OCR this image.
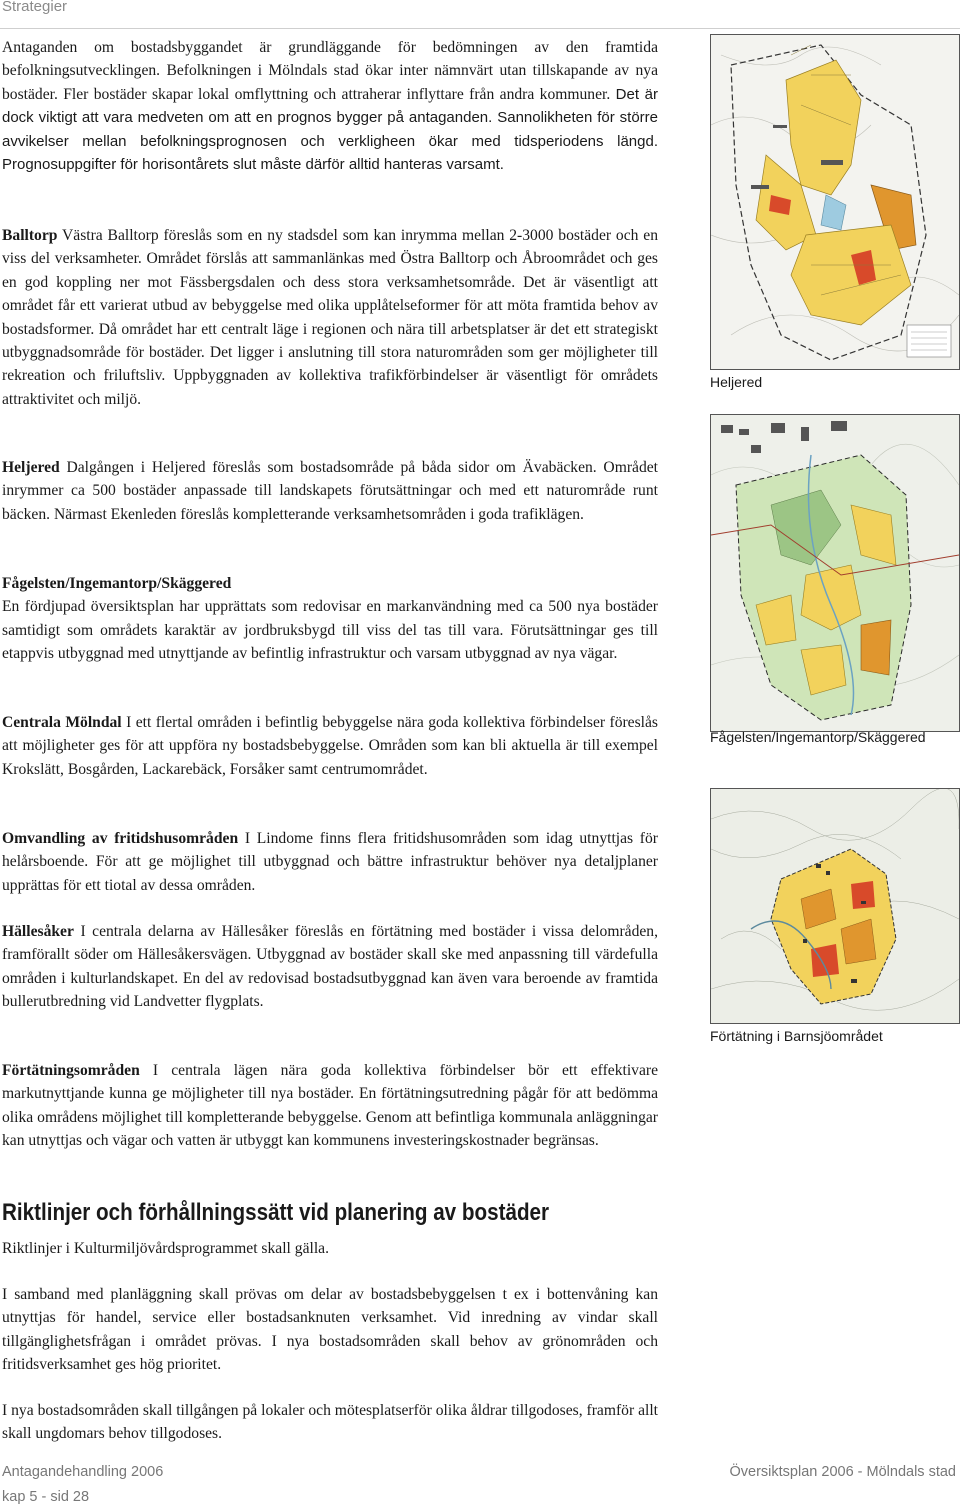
Strategier

Antaganden om bostadsbyggandet är grundläggande för bedömningen av den framtida befolkningsutvecklingen. Befolkningen i Mölndals stad ökar inter nämnvärt utan tillskapande av nya bostäder. Fler bostäder skapar lokal omflyttning och attraherar inflyttare från andra kommuner. Det är dock viktigt att vara medveten om att en prognos bygger på antaganden. Sannolikheten för större avvikelser mellan befolkningsprognosen och verkligheen ökar med tidsperiodens längd. Prognosuppgifter för horisontårets slut måste därför alltid hanteras varsamt.

Balltorp Västra Balltorp föreslås som en ny stadsdel som kan inrymma mellan 2-3000 bostäder och en viss del verksamheter. Området förslås att sammanlänkas med Östra Balltorp och Åbroområdet och ges en god koppling ner mot Fässbergsdalen och dess stora verksamhetsområde. Det är väsentligt att området får ett varierat utbud av bebyggelse med olika upplåtelseformer för att möta framtida behov av bostadsformer. Då området har ett centralt läge i regionen och nära till arbetsplatser är det ett strategiskt utbyggnadsområde för bostäder. Det ligger i anslutning till stora naturområden som ger möjligheter till rekreation och friluftsliv. Uppbyggnaden av kollektiva trafikförbindelser är väsentligt för områdets attraktivitet och miljö.

Heljered Dalgången i Heljered föreslås som bostadsområde på båda sidor om Ävabäcken. Området inrymmer ca 500 bostäder anpassade till landskapets förutsättningar och med ett naturområde runt bäcken. Närmast Ekenleden föreslås kompletterande verksamhetsområden i goda trafiklägen.

Fågelsten/Ingemantorp/Skäggered
En fördjupad översiktsplan har upprättats som redovisar en markanvändning med ca 500 nya bostäder samtidigt som områdets karaktär av jordbruksbygd till viss del tas till vara. Förutsättningar ges till etappvis utbyggnad med utnyttjande av befintlig infrastruktur och varsam utbyggnad av nya vägar.

Centrala Mölndal I ett flertal områden i befintlig bebyggelse nära goda kollektiva förbindelser föreslås att möjligheter ges för att uppföra ny bostadsbebyggelse. Områden som kan bli aktuella är till exempel Krokslätt, Bosgården, Lackarebäck, Forsåker samt centrumområdet.

Omvandling av fritidshusområden I Lindome finns flera fritidshusområden som idag utnyttjas för helårsboende. För att ge möjlighet till utbyggnad och bättre infrastruktur behöver nya detaljplaner upprättas för ett tiotal av dessa områden.

Hällesåker I centrala delarna av Hällesåker föreslås en förtätning med bostäder i vissa delområden, framförallt söder om Hällesåkersvägen. Utbyggnad av bostäder skall ske med anpassning till värdefulla områden i kulturlandskapet. En del av redovisad bostadsutbyggnad kan även vara beroende av framtida bullerutbredning vid Landvetter flygplats.

Förtätningsområden I centrala lägen nära goda kollektiva förbindelser bör ett effektivare markutnyttjande kunna ge möjligheter till nya bostäder. En förtätningsutredning pågår för att bedömma olika områdens möjlighet till kompletterande bebyggelse. Genom att befintliga kommunala anläggningar kan utnyttjas och vägar och vatten är utbyggt kan kommunens investeringskostnader begränsas.

Riktlinjer och förhållningssätt vid planering av bostäder

Riktlinjer i Kulturmiljövårdsprogrammet skall gälla.

I samband med planläggning skall prövas om delar av bostadsbebyggelsen t ex i bottenvåning kan utnyttjas för handel, service eller bostadsanknuten verksamhet. Vid inredning av vindar skall tillgänglighetsfrågan i området prövas. I nya bostadsområden skall behov av grönområden och fritidsverksamhet ges hög prioritet.

I nya bostadsområden skall tillgången på lokaler och mötesplatserför olika åldrar tillgodoses, framför allt skall ungdomars behov tillgodoses.

Heljered
Fågelsten/Ingemantorp/Skäggered
Förtätning i Barnsjöområdet
Antagandehandling 2006	Översiktsplan 2006 - Mölndals stad
kap 5 - sid 28
